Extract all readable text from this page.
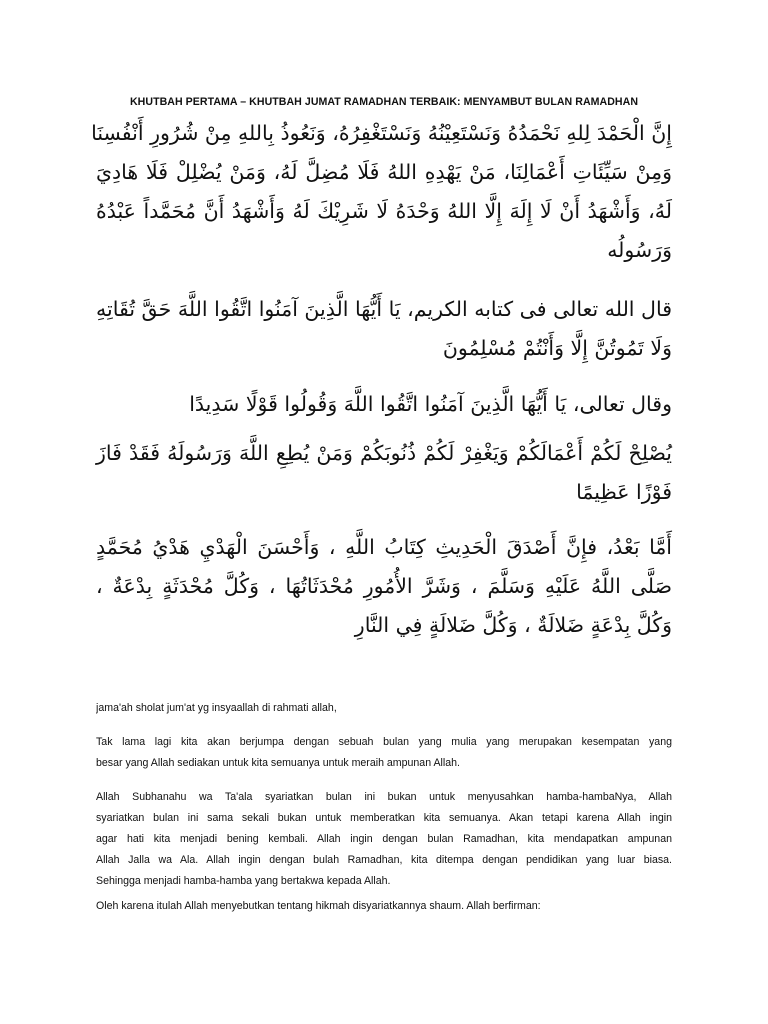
KHUTBAH PERTAMA – KHUTBAH JUMAT RAMADHAN TERBAIK: MENYAMBUT BULAN RAMADHAN
إِنَّ الْحَمْدَ لِلهِ نَحْمَدُهُ وَنَسْتَعِيْنُهُ وَنَسْتَغْفِرُهُ، وَنَعُوذُ بِاللهِ مِنْ شُرُورِ أَنْفُسِنَا
وَمِنْ سَيِّئَاتِ أَعْمَالِنَا، مَنْ يَهْدِهِ اللهُ فَلَا مُضِلَّ لَهُ، وَمَنْ يُضْلِلْ فَلَا هَادِيَ
لَهُ، وَأَشْهَدُ أَنْ لَا إِلَهَ إِلَّا اللهُ وَحْدَهُ لَا شَرِيْكَ لَهُ وَأَشْهَدُ أَنَّ مُحَمَّداً عَبْدُهُ
وَرَسُولُه
قال الله تعالى فى كتابه الكريم، يَا أَيُّهَا الَّذِينَ آمَنُوا اتَّقُوا اللَّهَ حَقَّ تُقَاتِهِ
وَلَا تَمُوتُنَّ إِلَّا وَأَنْتُمْ مُسْلِمُونَ
وقال تعالى، يَا أَيُّهَا الَّذِينَ آمَنُوا اتَّقُوا اللَّهَ وَقُولُوا قَوْلًا سَدِيدًا
يُصْلِحْ لَكُمْ أَعْمَالَكُمْ وَيَغْفِرْ لَكُمْ ذُنُوبَكُمْ وَمَنْ يُطِعِ اللَّهَ وَرَسُولَهُ فَقَدْ فَازَ
فَوْزًا عَظِيمًا
أَمَّا بَعْدُ، فإِنَّ أَصْدَقَ الْحَدِيثِ كِتَابُ اللَّهِ ، وَأَحْسَنَ الْهَدْيِ هَدْيُ مُحَمَّدٍ
صَلَّى اللَّهُ عَلَيْهِ وَسَلَّمَ ، وَشَرَّ الأُمُورِ مُحْدَثَاتُهَا ، وَكُلَّ مُحْدَثَةٍ بِدْعَةٌ ،
وَكُلَّ بِدْعَةٍ ضَلالَةٌ ، وَكُلَّ ضَلالَةٍ فِي النَّارِ
jama'ah sholat jum'at yg insyaallah di rahmati allah,
Tak lama lagi kita akan berjumpa dengan sebuah bulan yang mulia yang merupakan kesempatan yang
besar yang Allah sediakan untuk kita semuanya untuk meraih ampunan Allah.
Allah Subhanahu wa Ta'ala syariatkan bulan ini bukan untuk menyusahkan hamba-hambaNya, Allah
syariatkan bulan ini sama sekali bukan untuk memberatkan kita semuanya. Akan tetapi karena Allah ingin
agar hati kita menjadi bening kembali. Allah ingin dengan bulan Ramadhan, kita mendapatkan ampunan
Allah Jalla wa Ala. Allah ingin dengan bulah Ramadhan, kita ditempa dengan pendidikan yang luar biasa.
Sehingga menjadi hamba-hamba yang bertakwa kepada Allah.
Oleh karena itulah Allah menyebutkan tentang hikmah disyariatkannya shaum. Allah berfirman:
